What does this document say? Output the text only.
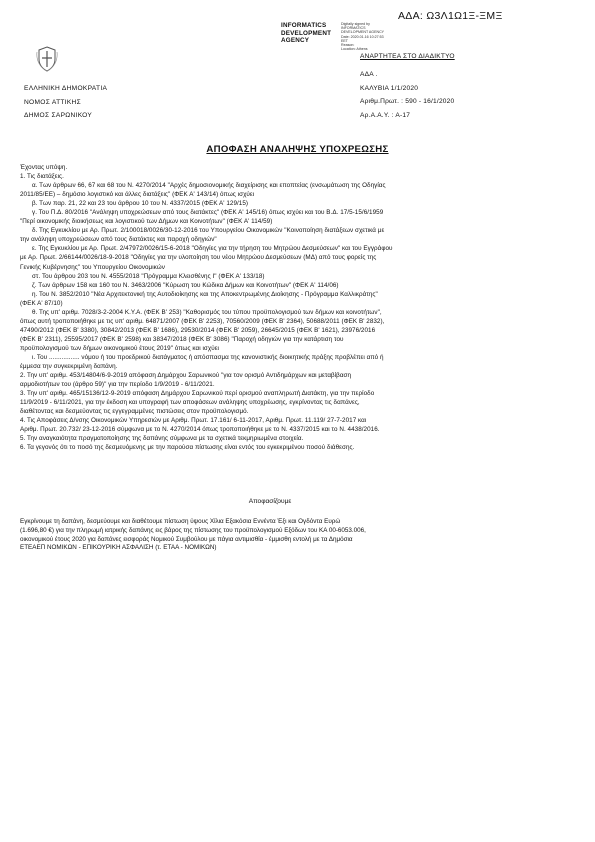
ΑΔΑ: Ω3Λ1Ω1Ξ-ΞΜΞ
INFORMATICS
DEVELOPMENT
AGENCY
Digitally signed by
INFORMATICS
DEVELOPMENT AGENCY
Date: 2020.01.16 10:27:53
EET
Reason:
Location: Athens
ΑΝΑΡΤΗΤΕΑ ΣΤΟ ΔΙΑΔΙΚΤΥΟ
ΕΛΛΗΝΙΚΗ ΔΗΜΟΚΡΑΤΙΑ
ΝΟΜΟΣ ΑΤΤΙΚΗΣ
ΔΗΜΟΣ ΣΑΡΩΝΙΚΟΥ
ΑΔΑ .
ΚΑΛΥΒΙΑ 1/1/2020
Αριθμ.Πρωτ. : 590 - 16/1/2020
Αρ.Α.Α.Υ. : Α-17
ΑΠΟΦΑΣΗ ΑΝΑΛΗΨΗΣ ΥΠΟΧΡΕΩΣΗΣ
Έχοντας υπόψη.
1. Τις διατάξεις.
α. Των άρθρων 66, 67 και 68 του Ν. 4270/2014 "Αρχές δημοσιονομικής διαχείρισης και εποπτείας (ενσωμάτωση της Οδηγίας
2011/85/ΕΕ) – δημόσιο λογιστικό και άλλες διατάξεις" (ΦΕΚ Α' 143/14) όπως ισχύει
β. Των παρ. 21, 22 και 23 του άρθρου 10 του Ν. 4337/2015 (ΦΕΚ Α' 129/15)
γ. Του Π.Δ. 80/2016 "Ανάληψη υποχρεώσεων από τους διατάκτες" (ΦΕΚ Α' 145/16) όπως ισχύει και του Β.Δ. 17/5-15/6/1959
"Περί οικονομικής διοικήσεως και λογιστικού των Δήμων και Κοινοτήτων" (ΦΕΚ Α' 114/59)
δ. Της Εγκυκλίου με Αρ. Πρωτ. 2/100018/0026/30-12-2016 του Υπουργείου Οικονομικών "Κοινοποίηση διατάξεων σχετικά με
την ανάληψη υποχρεώσεων από τους διατάκτες και παροχή οδηγιών"
ε. Της Εγκυκλίου με Αρ. Πρωτ. 2/47972/0026/15-6-2018 "Οδηγίες για την τήρηση του Μητρώου Δεσμεύσεων" και του Εγγράφου
με Αρ. Πρωτ. 2/66144/0026/18-9-2018 "Οδηγίες για την υλοποίηση του νέου Μητρώου Δεσμεύσεων (ΜΔ) από τους φορείς της
Γενικής Κυβέρνησης" του Υπουργείου Οικονομικών
στ. Του άρθρου 203 του Ν. 4555/2018 "Πρόγραμμα Κλεισθένης Ι" (ΦΕΚ Α' 133/18)
ζ. Των άρθρων 158 και 160 του Ν. 3463/2006 "Κύρωση του Κώδικα Δήμων και Κοινοτήτων" (ΦΕΚ Α' 114/06)
η. Του Ν. 3852/2010 "Νέα Αρχιτεκτονική της Αυτοδιοίκησης και της Αποκεντρωμένης Διοίκησης - Πρόγραμμα Καλλικράτης"
(ΦΕΚ Α' 87/10)
θ. Της υπ' αριθμ. 7028/3-2-2004 Κ.Υ.Α. (ΦΕΚ Β' 253) "Καθορισμός του τύπου προϋπολογισμού των δήμων και κοινοτήτων",
όπως αυτή τροποποιήθηκε με τις υπ' αριθμ. 64871/2007 (ΦΕΚ Β' 2253), 70560/2009 (ΦΕΚ Β' 2364), 50688/2011 (ΦΕΚ Β' 2832),
47490/2012 (ΦΕΚ Β' 3380), 30842/2013 (ΦΕΚ Β' 1686), 29530/2014 (ΦΕΚ Β' 2059), 26645/2015 (ΦΕΚ Β' 1621), 23976/2016
(ΦΕΚ Β' 2311), 25595/2017 (ΦΕΚ Β' 2598) και 38347/2018 (ΦΕΚ Β' 3086) "Παροχή οδηγιών για την κατάρτιση του
προϋπολογισμού των δήμων οικονομικού έτους 2019" όπως και ισχύει
ι. Του ................. νόμου ή του προεδρικού διατάγματος ή απόσπασμα της κανονιστικής διοικητικής πράξης προβλέπει από ή
έμμεσα την συγκεκριμένη δαπάνη.
2. Την υπ' αριθμ. 453/14804/6-9-2019 απόφαση Δημάρχου Σαρωνικού "για τον ορισμό Αντιδημάρχων και μεταβίβαση
αρμοδιοτήτων του (άρθρο 59)" για την περίοδο 1/9/2019 - 6/11/2021.
3. Την υπ' αριθμ. 465/15136/12-9-2019 απόφαση Δημάρχου Σαρωνικού περί ορισμού αναπληρωτή Διατάκτη, για την περίοδο
11/9/2019 - 6/11/2021, για την έκδοση και υπογραφή των αποφάσεων ανάληψης υποχρέωσης, εγκρίνοντας τις δαπάνες,
διαθέτοντας και δεσμεύοντας τις εγγεγραμμένες πιστώσεις στον προϋπολογισμό.
4. Τις Αποφάσεις Δ/νσης Οικονομικών Υπηρεσιών με Αριθμ. Πρωτ. 17.161/ 6-11-2017, Αριθμ. Πρωτ. 11.119/ 27-7-2017 και
Αριθμ. Πρωτ. 20.732/ 23-12-2016 σύμφωνα με το Ν. 4270/2014 όπως τροποποιήθηκε με το Ν. 4337/2015 και το Ν. 4438/2016.
5. Την αναγκαιότητα πραγματοποίησης της δαπάνης σύμφωνα με τα σχετικά τεκμηριωμένα στοιχεία.
6. Τα γεγονός ότι το ποσό της δεσμευόμενης με την παρούσα πίστωσης είναι εντός του εγκεκριμένου ποσού διάθεσης.
Αποφασίζουμε
Εγκρίνουμε τη δαπάνη, δεσμεύουμε και διαθέτουμε πίστωση ύψους Χίλια Εξακόσια Εννέντα Έξι και Ογδόντα Ευρώ
(1.696,80 €) για την πληρωμή ιατρικής δαπάνης εις βάρος της πίστωσης του προϋπολογισμού Εξόδων του ΚΑ 00-6053.006,
οικονομικού έτους 2020 για δαπάνες εισφοράς Νομικού Συμβούλου με πάγια αντιμισθία - έμμισθη εντολή με τα Δημόσια
ΕΤΕΑΕΠ ΝΟΜΙΚΩΝ - ΕΠΙΚΟΥΡΙΚΗ ΑΣΦΑΛΙΣΗ (τ. ΕΤΑΑ - ΝΟΜΙΚΩΝ)
